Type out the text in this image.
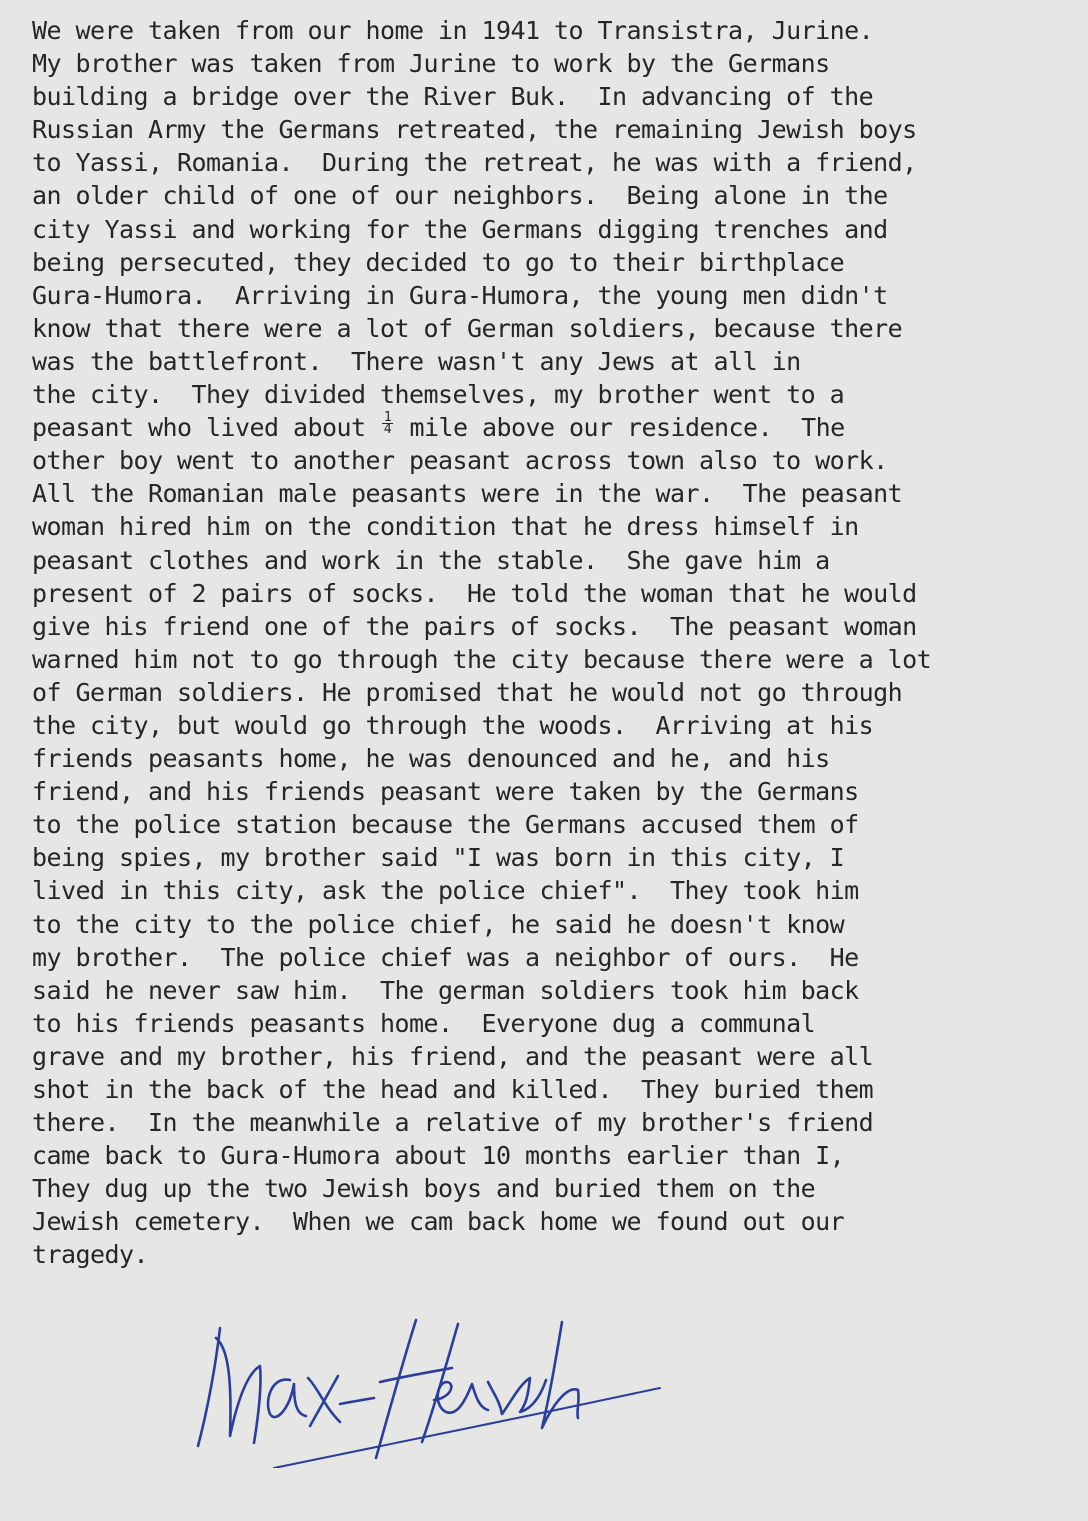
We were taken from our home in 1941 to Transistra, Jurine.
My brother was taken from Jurine to work by the Germans
building a bridge over the River Buk.  In advancing of the
Russian Army the Germans retreated, the remaining Jewish boys
to Yassi, Romania.  During the retreat, he was with a friend,
an older child of one of our neighbors.  Being alone in the
city Yassi and working for the Germans digging trenches and
being persecuted, they decided to go to their birthplace
Gura-Humora.  Arriving in Gura-Humora, the young men didn't
know that there were a lot of German soldiers, because there
was the battlefront.  There wasn't any Jews at all in
the city.  They divided themselves, my brother went to a
peasant who lived about $\frac{1}{4}$ mile above our residence.  The
other boy went to another peasant across town also to work.
All the Romanian male peasants were in the war.  The peasant
woman hired him on the condition that he dress himself in
peasant clothes and work in the stable.  She gave him a
present of 2 pairs of socks.  He told the woman that he would
give his friend one of the pairs of socks.  The peasant woman
warned him not to go through the city because there were a lot
of German soldiers. He promised that he would not go through
the city, but would go through the woods.  Arriving at his
friends peasants home, he was denounced and he, and his
friend, and his friends peasant were taken by the Germans
to the police station because the Germans accused them of
being spies, my brother said "I was born in this city, I
lived in this city, ask the police chief".  They took him
to the city to the police chief, he said he doesn't know
my brother.  The police chief was a neighbor of ours.  He
said he never saw him.  The german soldiers took him back
to his friends peasants home.  Everyone dug a communal
grave and my brother, his friend, and the peasant were all
shot in the back of the head and killed.  They buried them
there.  In the meanwhile a relative of my brother's friend
came back to Gura-Humora about 10 months earlier than I,
They dug up the two Jewish boys and buried them on the
Jewish cemetery.  When we cam back home we found out our
tragedy.
